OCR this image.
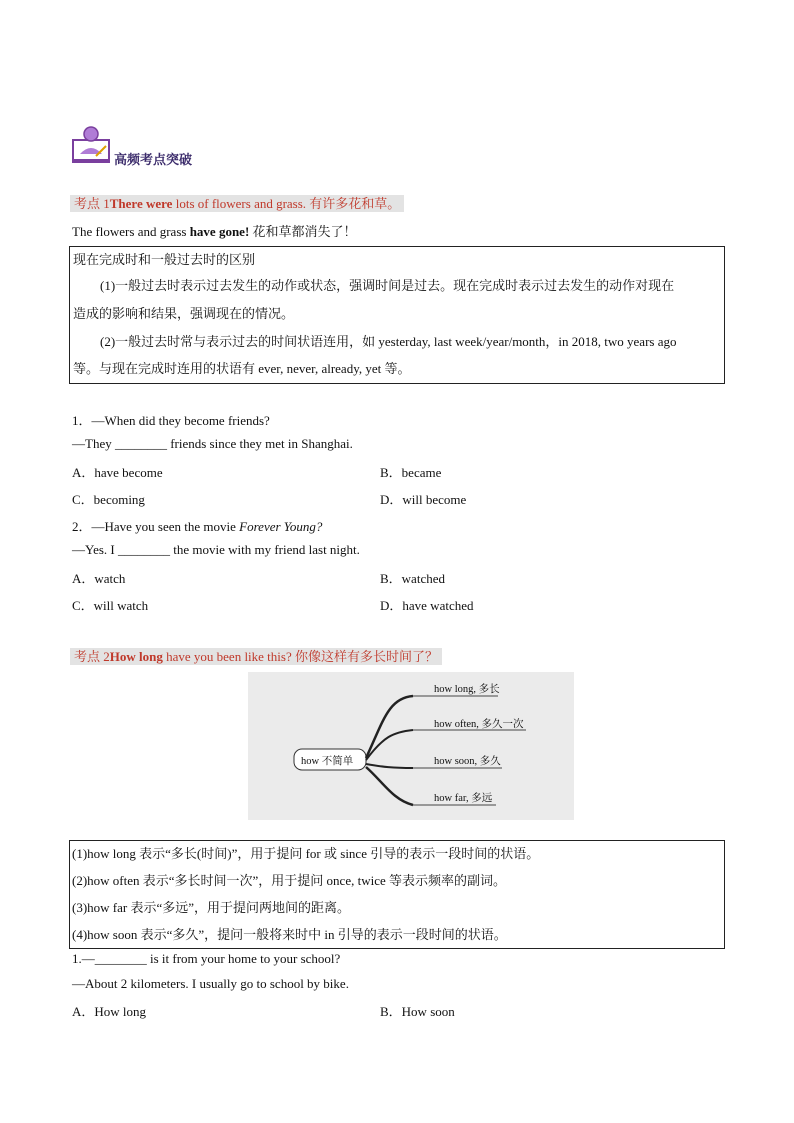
高频考点突破
考点 1There were lots of flowers and grass. 有许多花和草。
The flowers and grass have gone! 花和草都消失了！
现在完成时和一般过去时的区别
(1)一般过去时表示过去发生的动作或状态，强调时间是过去。现在完成时表示过去发生的动作对现在
造成的影响和结果，强调现在的情况。
(2)一般过去时常与表示过去的时间状语连用，如 yesterday, last week/year/month，in 2018, two years ago
等。与现在完成时连用的状语有 ever, never, already, yet 等。
1．—When did they become friends?
—They ________ friends since they met in Shanghai.
A．have become	B．became
C．becoming	D．will become
2．—Have you seen the movie Forever Young?
—Yes. I ________ the movie with my friend last night.
A．watch	B．watched
C．will watch	D．have watched
考点 2How long have you been like this? 你像这样有多长时间了？
how 不简单
how long, 多长
how often, 多久一次
how soon, 多久
how far, 多远
(1)how long 表示“多长(时间)”，用于提问 for 或 since 引导的表示一段时间的状语。
(2)how often 表示“多长时间一次”，用于提问 once, twice 等表示频率的副词。
(3)how far 表示“多远”，用于提问两地间的距离。
(4)how soon 表示“多久”，提问一般将来时中 in 引导的表示一段时间的状语。
1.—________ is it from your home to your school?
—About 2 kilometers. I usually go to school by bike.
A．How long	B．How soon
